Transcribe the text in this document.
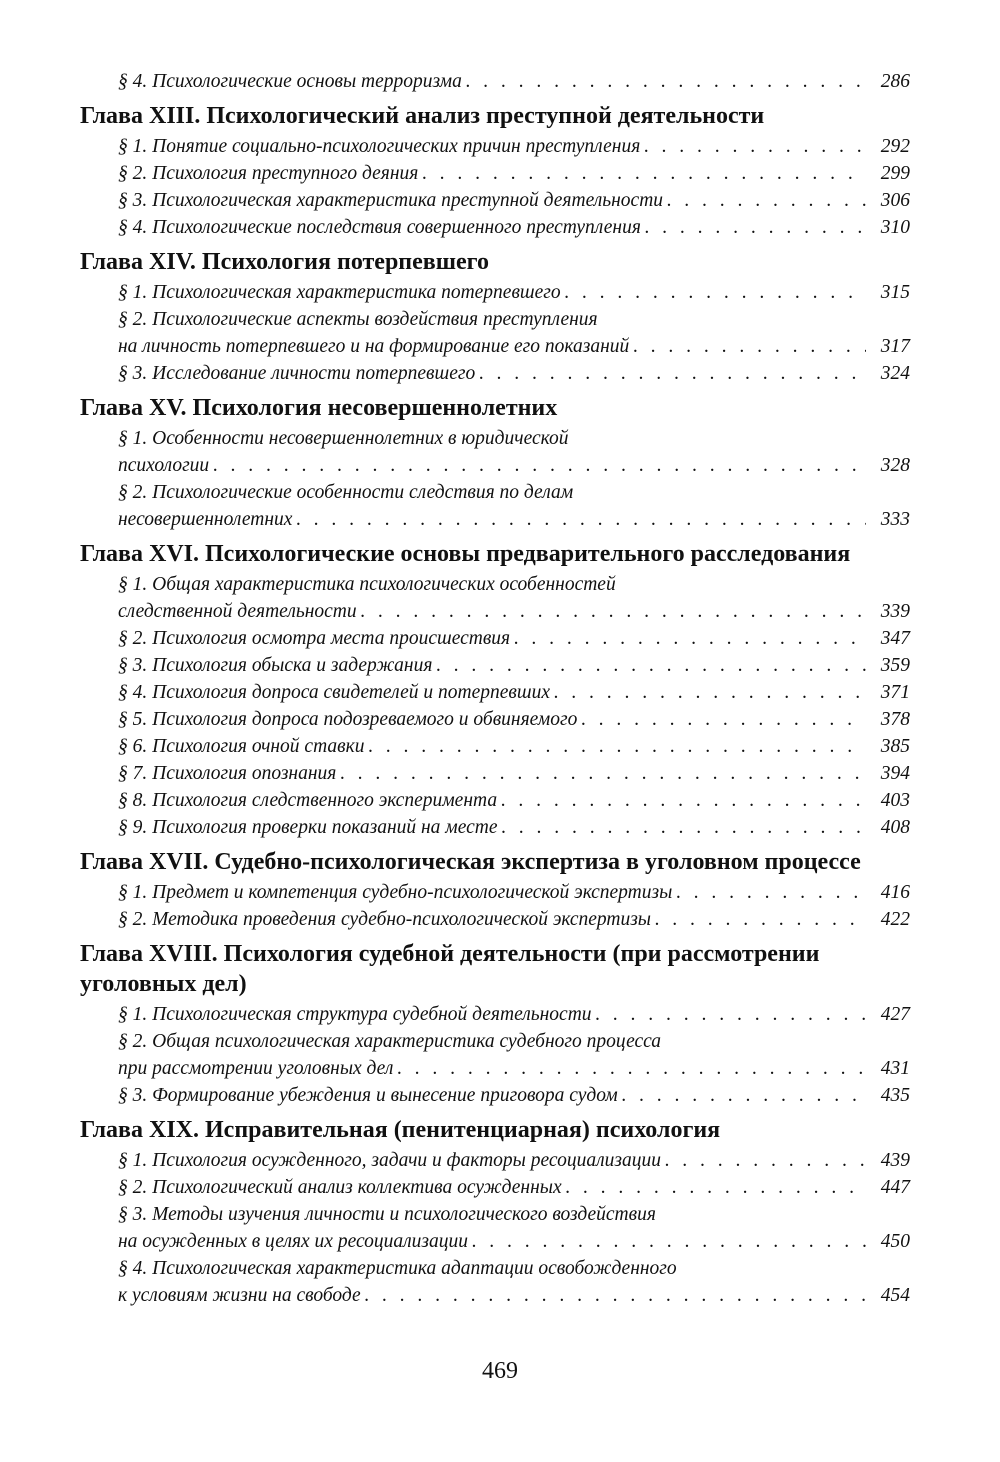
§ 4. Психологические основы терроризма . . .	286
Глава XIII. Психологический анализ преступной деятельности
§ 1. Понятие социально-психологических причин преступления . . .	292
§ 2. Психология преступного деяния . . .	299
§ 3. Психологическая характеристика преступной деятельности . . .	306
§ 4. Психологические последствия совершенного преступления . . .	310
Глава XIV. Психология потерпевшего
§ 1. Психологическая характеристика потерпевшего . . .	315
§ 2. Психологические аспекты воздействия преступления
на личность потерпевшего и на формирование его показаний . . .	317
§ 3. Исследование личности потерпевшего . . .	324
Глава XV. Психология несовершеннолетних
§ 1. Особенности несовершеннолетних в юридической
психологии . . .	328
§ 2. Психологические особенности следствия по делам
несовершеннолетних . . .	333
Глава XVI. Психологические основы предварительного расследования
§ 1. Общая характеристика психологических особенностей
следственной деятельности . . .	339
§ 2. Психология осмотра места происшествия . . .	347
§ 3. Психология обыска и задержания . . .	359
§ 4. Психология допроса свидетелей и потерпевших . . .	371
§ 5. Психология допроса подозреваемого и обвиняемого . . .	378
§ 6. Психология очной ставки . . .	385
§ 7. Психология опознания . . .	394
§ 8. Психология следственного эксперимента . . .	403
§ 9. Психология проверки показаний на месте . . .	408
Глава XVII. Судебно-психологическая экспертиза в уголовном процессе
§ 1. Предмет и компетенция судебно-психологической экспертизы . . .	416
§ 2. Методика проведения судебно-психологической экспертизы . . .	422
Глава XVIII. Психология судебной деятельности (при рассмотрении уголовных дел)
§ 1. Психологическая структура судебной деятельности . . .	427
§ 2. Общая психологическая характеристика судебного процесса
при рассмотрении уголовных дел . . .	431
§ 3. Формирование убеждения и вынесение приговора судом . . .	435
Глава XIX. Исправительная (пенитенциарная) психология
§ 1. Психология осужденного, задачи и факторы ресоциализации . . .	439
§ 2. Психологический анализ коллектива осужденных . . .	447
§ 3. Методы изучения личности и психологического воздействия
на осужденных в целях их ресоциализации . . .	450
§ 4. Психологическая характеристика адаптации освобожденного
к условиям жизни на свободе . . .	454
469
